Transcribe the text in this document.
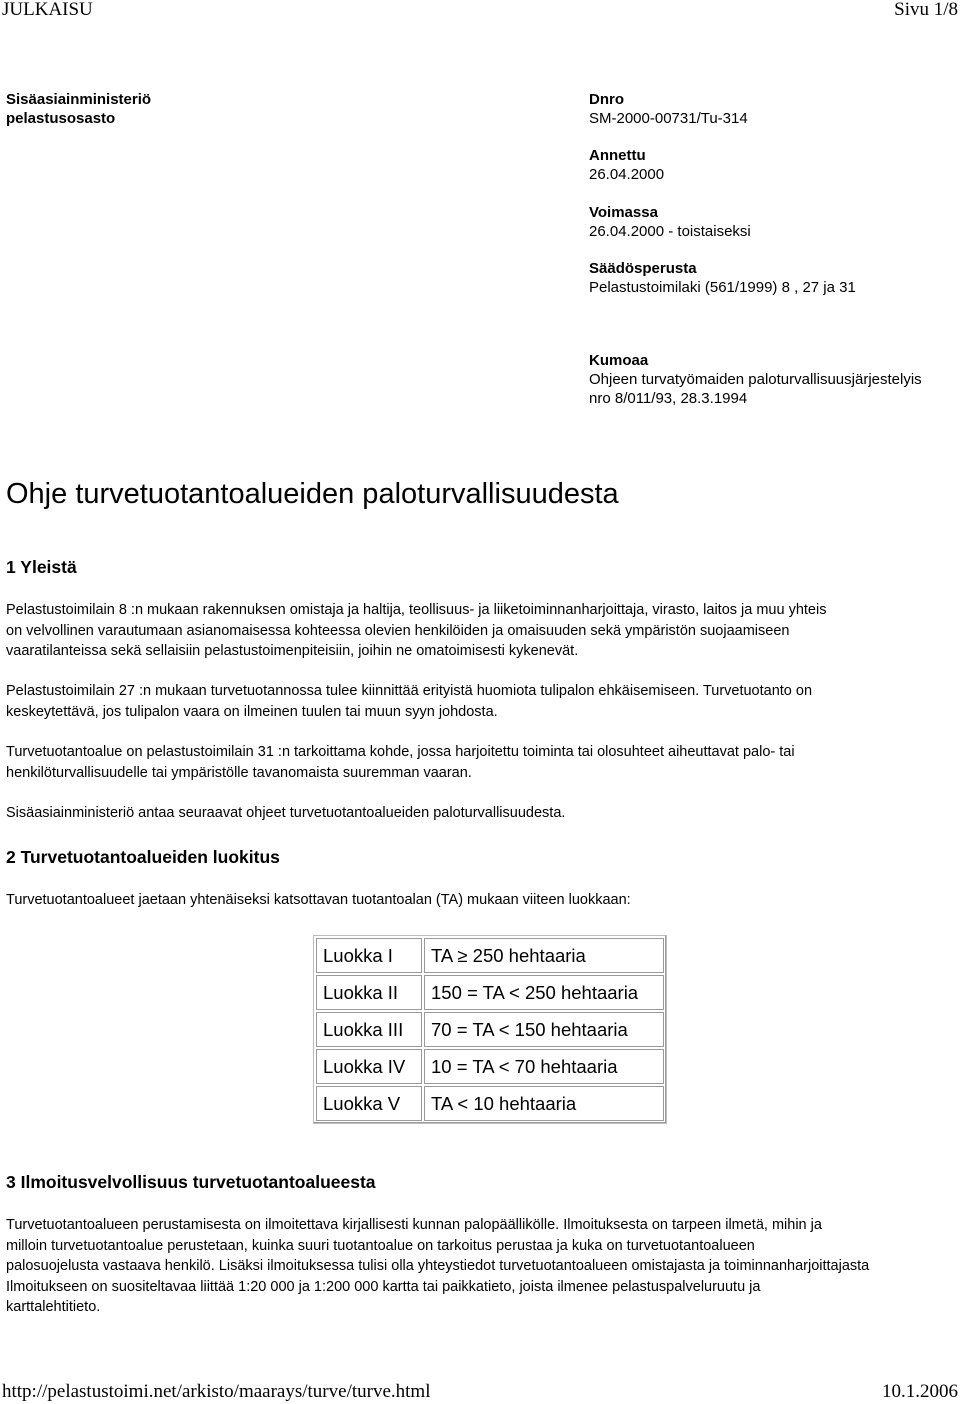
JULKAISU	Sivu 1/8
Sisäasiainministeriö
pelastusosasto
Dnro
SM-2000-00731/Tu-314
Annettu
26.04.2000
Voimassa
26.04.2000 - toistaiseksi
Säädösperusta
Pelastustoimilaki (561/1999) 8 , 27 ja 31
Kumoaa
Ohjeen turvatyömaiden paloturvallisuusjärjestelyis
nro 8/011/93, 28.3.1994
Ohje turvetuotantoalueiden paloturvallisuudesta
1 Yleistä
Pelastustoimilain 8 :n mukaan rakennuksen omistaja ja haltija, teollisuus- ja liiketoiminnanharjoittaja, virasto, laitos ja muu yhteis
on velvollinen varautumaan asianomaisessa kohteessa olevien henkilöiden ja omaisuuden sekä ympäristön suojaamiseen
vaaratilanteissa sekä sellaisiin pelastustoimenpiteisiin, joihin ne omatoimisesti kykenevät.
Pelastustoimilain 27 :n mukaan turvetuotannossa tulee kiinnittää erityistä huomiota tulipalon ehkäisemiseen. Turvetuotanto on
keskeytettävä, jos tulipalon vaara on ilmeinen tuulen tai muun syyn johdosta.
Turvetuotantoalue on pelastustoimilain 31 :n tarkoittama kohde, jossa harjoitettu toiminta tai olosuhteet aiheuttavat palo- tai
henkilöturvallisuudelle tai ympäristölle tavanomaista suuremman vaaran.
Sisäasiainministeriö antaa seuraavat ohjeet turvetuotantoalueiden paloturvallisuudesta.
2 Turvetuotantoalueiden luokitus
Turvetuotantoalueet jaetaan yhtenäiseksi katsottavan tuotantoalan (TA) mukaan viiteen luokkaan:
Luokka I	TA ≥ 250 hehtaaria
Luokka II	150 = TA < 250 hehtaaria
Luokka III	70 = TA < 150 hehtaaria
Luokka IV	10 = TA < 70 hehtaaria
Luokka V	TA < 10 hehtaaria
3 Ilmoitusvelvollisuus turvetuotantoalueesta
Turvetuotantoalueen perustamisesta on ilmoitettava kirjallisesti kunnan palopäällikölle. Ilmoituksesta on tarpeen ilmetä, mihin ja
milloin turvetuotantoalue perustetaan, kuinka suuri tuotantoalue on tarkoitus perustaa ja kuka on turvetuotantoalueen
palosuojelusta vastaava henkilö. Lisäksi ilmoituksessa tulisi olla yhteystiedot turvetuotantoalueen omistajasta ja toiminnanharjoittajasta
Ilmoitukseen on suositeltavaa liittää 1:20 000 ja 1:200 000 kartta tai paikkatieto, joista ilmenee pelastuspalveluruutu ja
karttalehtitieto.
http://pelastustoimi.net/arkisto/maarays/turve/turve.html	10.1.2006
